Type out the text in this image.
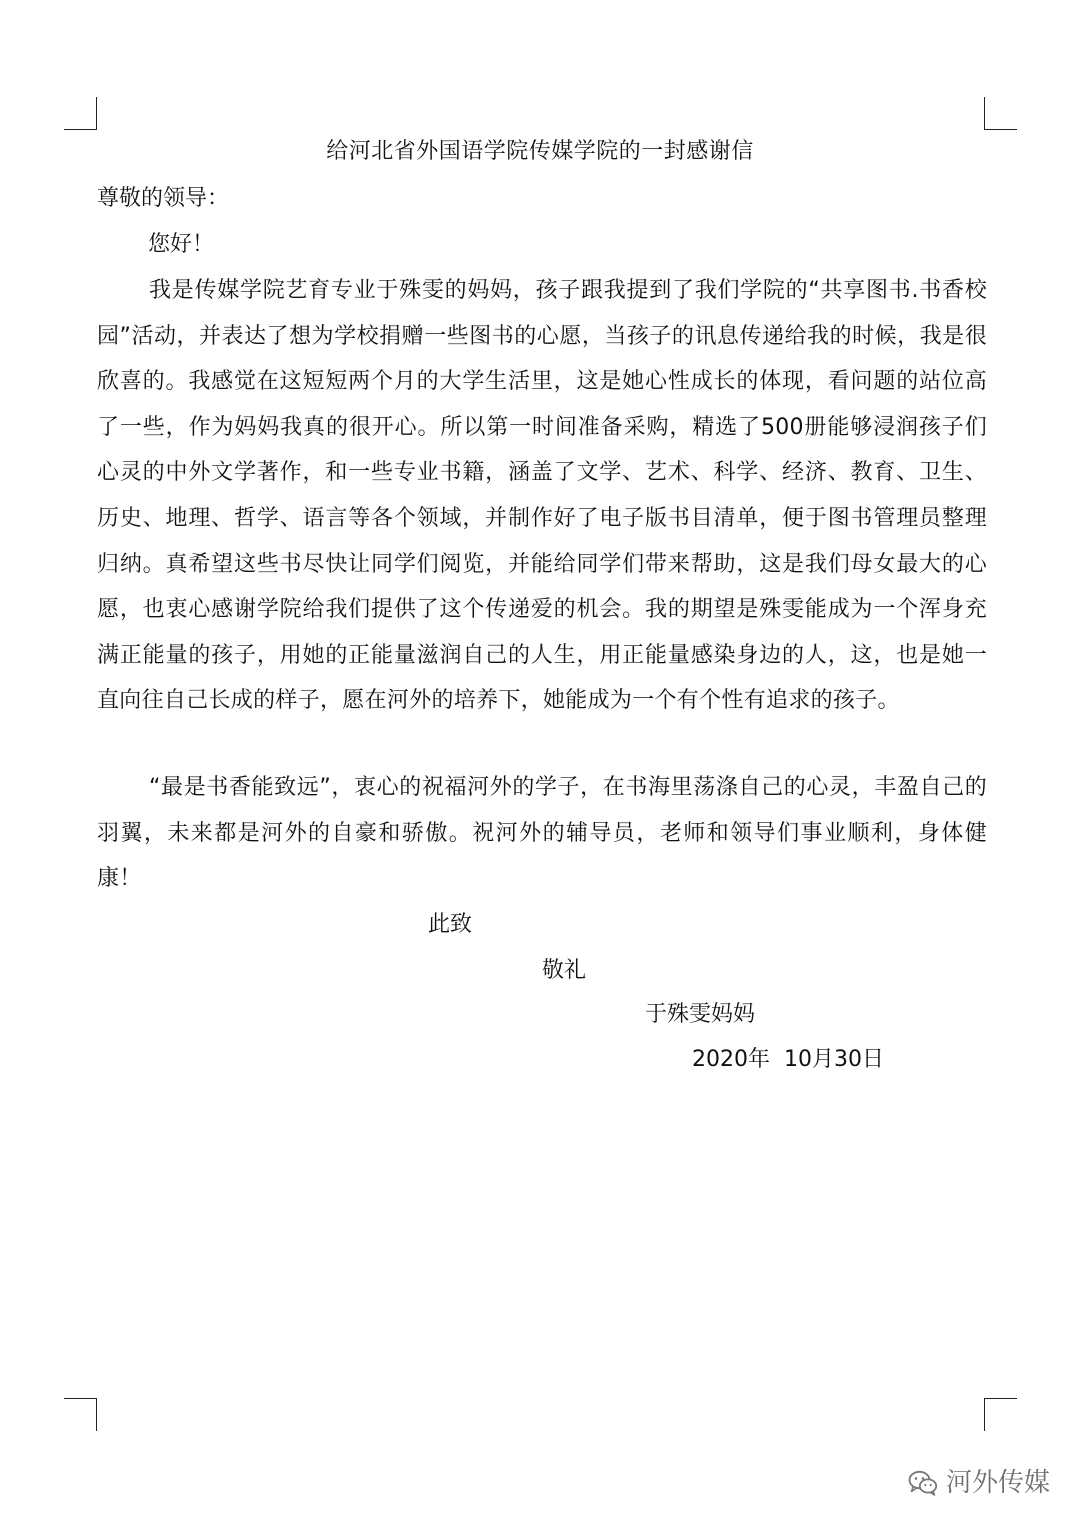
给河北省外国语学院传媒学院的一封感谢信
尊敬的领导：
您好！

我是传媒学院艺育专业于殊雯的妈妈，孩子跟我提到了我们学院的“共享图书.书香校园”活动，并表达了想为学校捐赠一些图书的心愿，当孩子的讯息传递给我的时候，我是很欣喜的。我感觉在这短短两个月的大学生活里，这是她心性成长的体现，看问题的站位高了一些，作为妈妈我真的很开心。所以第一时间准备采购，精选了500册能够浸润孩子们心灵的中外文学著作，和一些专业书籍，涵盖了文学、艺术、科学、经济、教育、卫生、历史、地理、哲学、语言等各个领域，并制作好了电子版书目清单，便于图书管理员整理归纳。真希望这些书尽快让同学们阅览，并能给同学们带来帮助，这是我们母女最大的心愿，也衷心感谢学院给我们提供了这个传递爱的机会。我的期望是殊雯能成为一个浑身充满正能量的孩子，用她的正能量滋润自己的人生，用正能量感染身边的人，这，也是她一直向往自己长成的样子，愿在河外的培养下，她能成为一个有个性有追求的孩子。

“最是书香能致远”，衷心的祝福河外的学子，在书海里荡涤自己的心灵，丰盈自己的羽翼，未来都是河外的自豪和骄傲。祝河外的辅导员，老师和领导们事业顺利，身体健康！

此致
敬礼
于殊雯妈妈
2020年  10月30日
河外传媒
